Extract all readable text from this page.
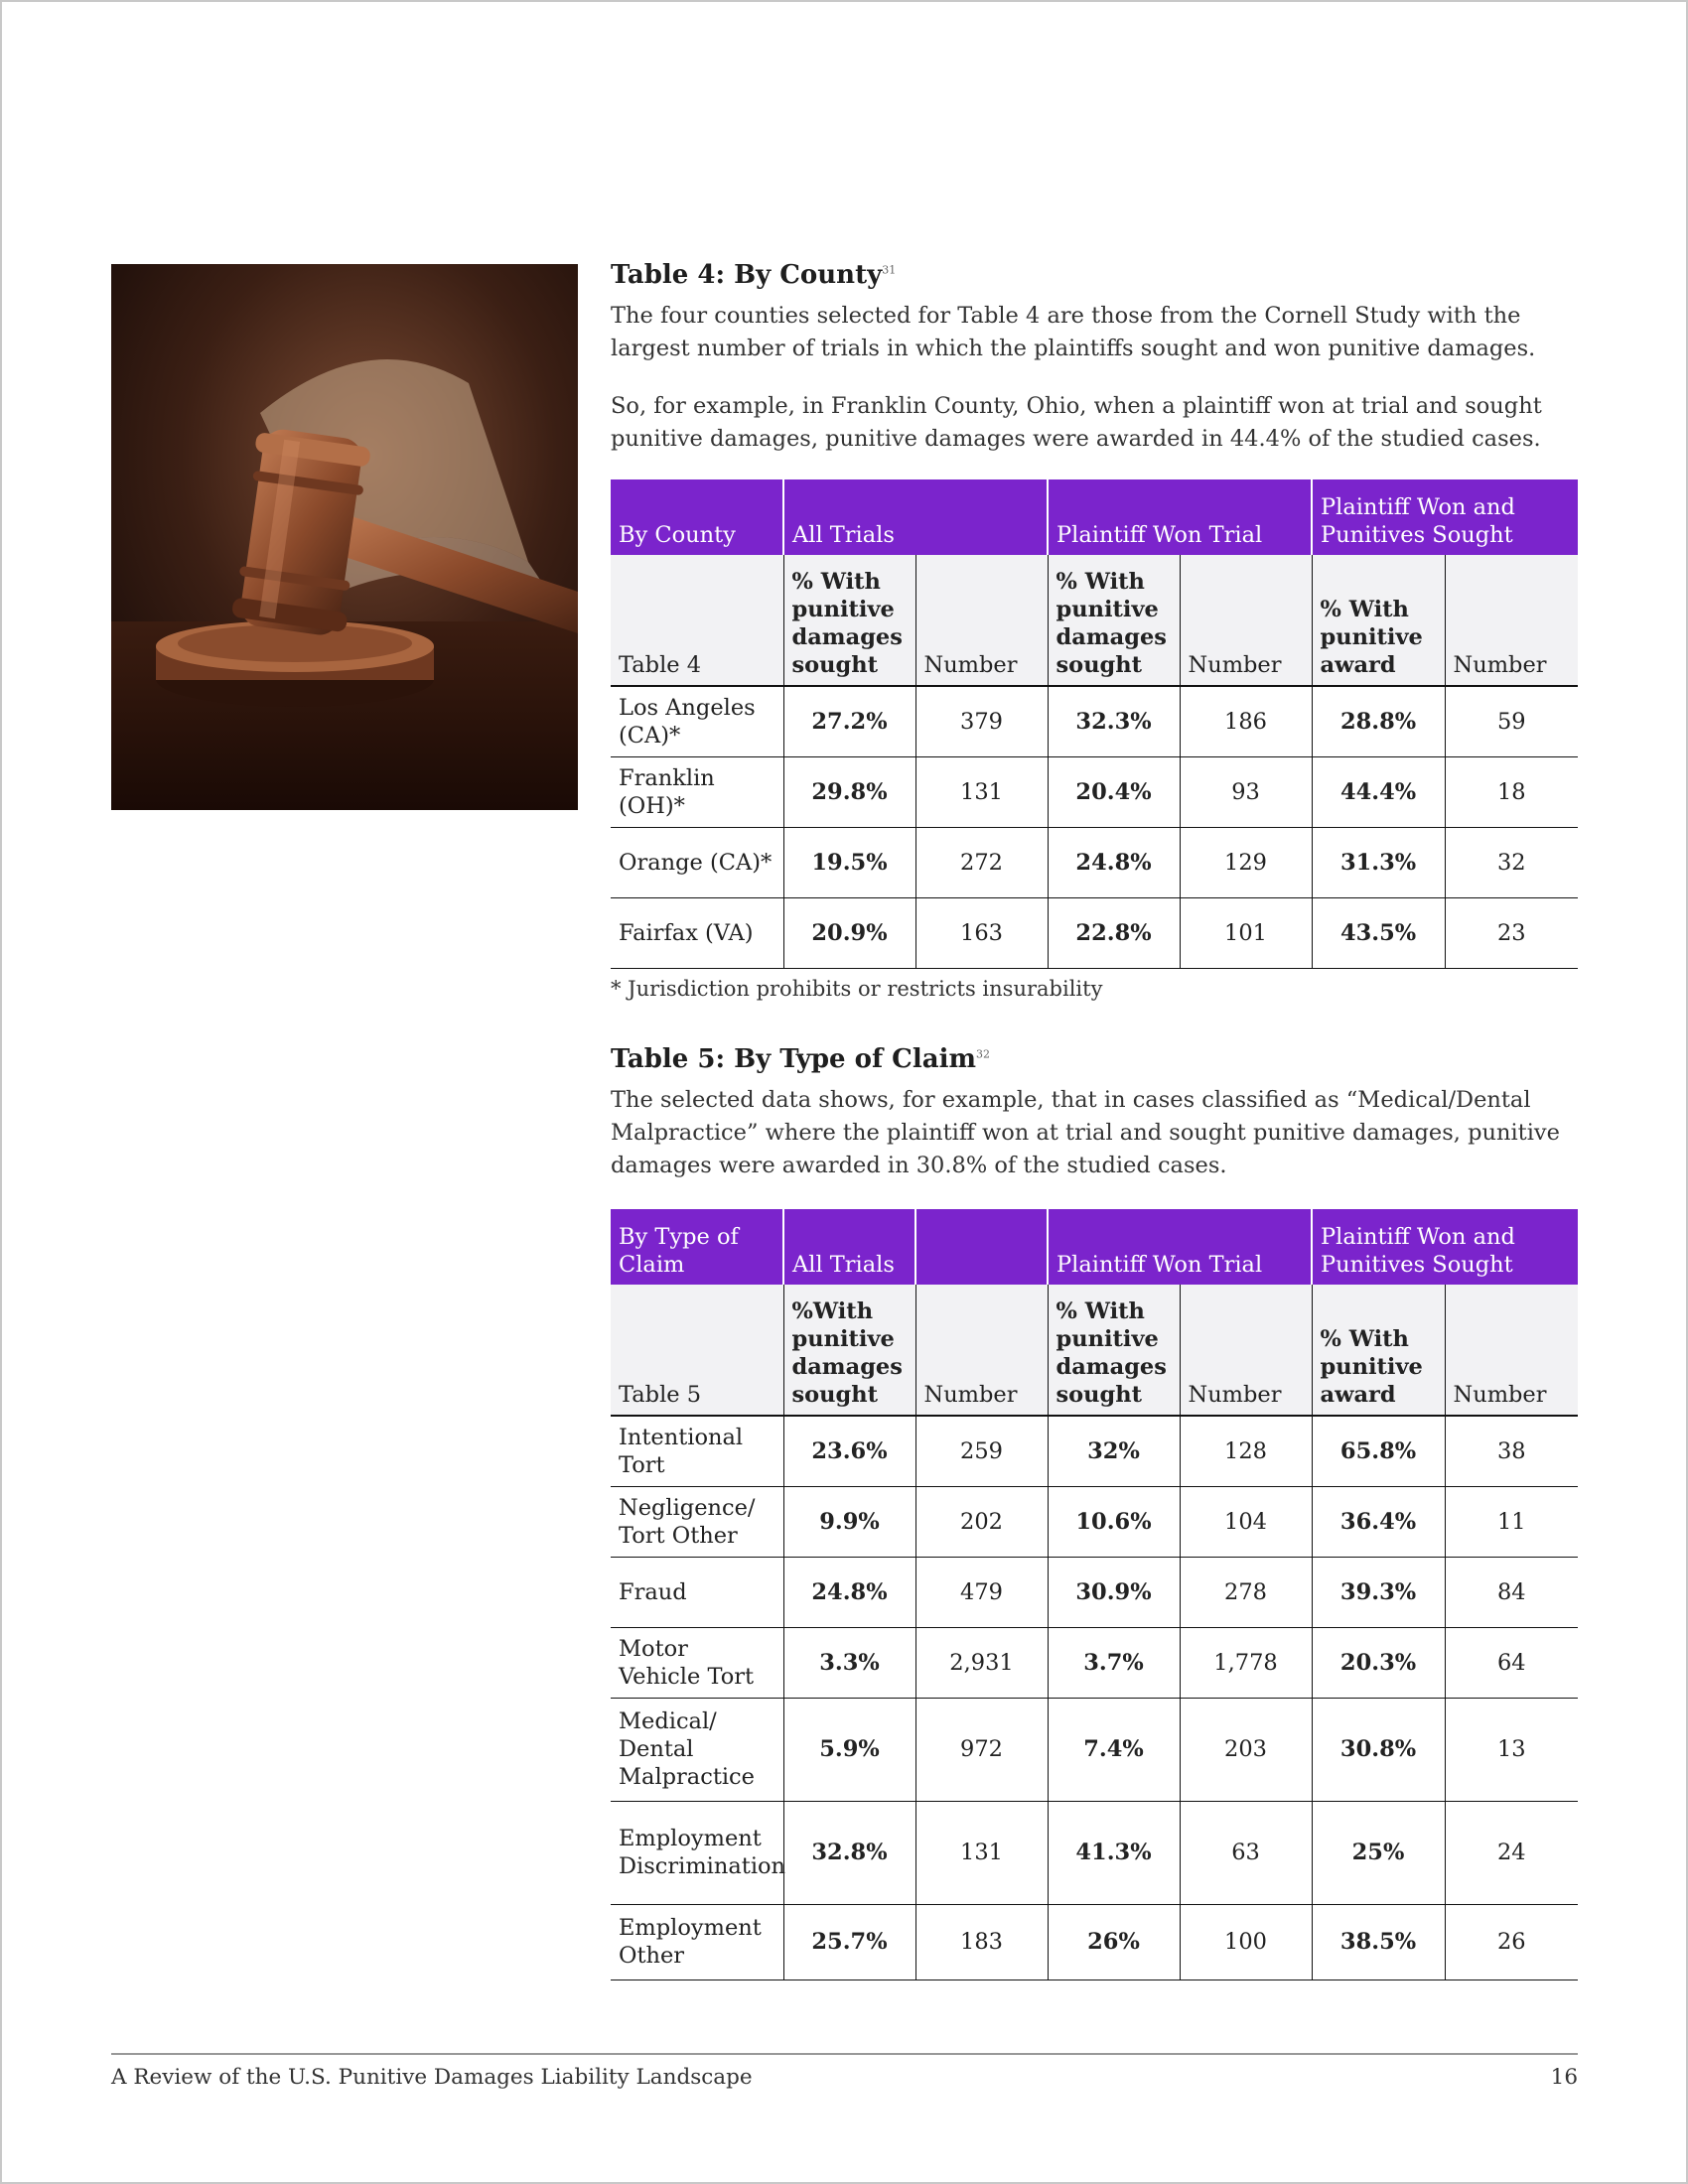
Table 4: By County$^{31}$

The four counties selected for Table 4 are those from the Cornell Study with the largest number of trials in which the plaintiffs sought and won punitive damages.

So, for example, in Franklin County, Ohio, when a plaintiff won at trial and sought punitive damages, punitive damages were awarded in 44.4% of the studied cases.

By County	All Trials		Plaintiff Won Trial		Plaintiff Won and Punitives Sought	
Table 4	% With punitive damages sought	Number	% With punitive damages sought	Number	% With punitive award	Number
Los Angeles (CA)*	27.2%	379	32.3%	186	28.8%	59
Franklin (OH)*	29.8%	131	20.4%	93	44.4%	18
Orange (CA)*	19.5%	272	24.8%	129	31.3%	32
Fairfax (VA)	20.9%	163	22.8%	101	43.5%	23
* Jurisdiction prohibits or restricts insurability
Table 5: By Type of Claim$^{32}$

The selected data shows, for example, that in cases classified as “Medical/Dental Malpractice” where the plaintiff won at trial and sought punitive damages, punitive damages were awarded in 30.8% of the studied cases.

By Type of Claim	All Trials		Plaintiff Won Trial		Plaintiff Won and Punitives Sought	
Table 5	%With punitive damages sought	Number	% With punitive damages sought	Number	% With punitive award	Number
Intentional Tort	23.6%	259	32%	128	65.8%	38
Negligence/ Tort Other	9.9%	202	10.6%	104	36.4%	11
Fraud	24.8%	479	30.9%	278	39.3%	84
Motor Vehicle Tort	3.3%	2,931	3.7%	1,778	20.3%	64
Medical/ Dental Malpractice	5.9%	972	7.4%	203	30.8%	13
Employment Discrimination	32.8%	131	41.3%	63	25%	24
Employment Other	25.7%	183	26%	100	38.5%	26
A Review of the U.S. Punitive Damages Liability Landscape	16
